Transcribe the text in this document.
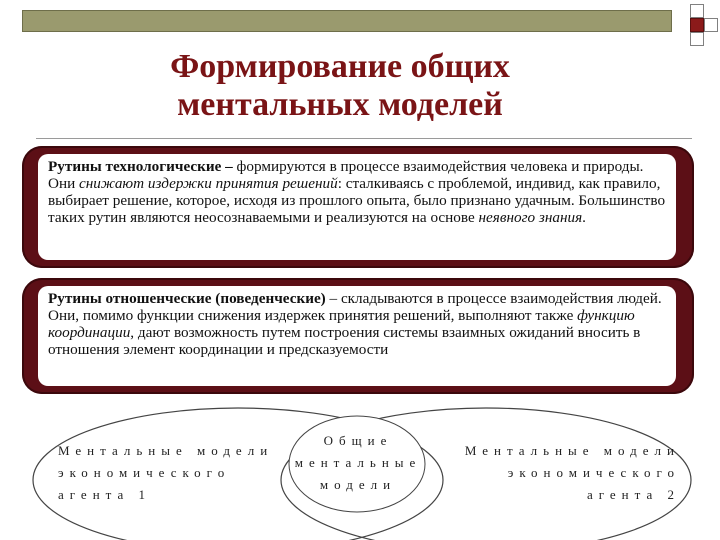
Формирование общих
ментальных моделей
Рутины технологические – формируются в процессе взаимодействия человека и природы. Они снижают издержки принятия решений: сталкиваясь с проблемой, индивид, как правило, выбирает решение, которое, исходя из прошлого опыта, было признано удачным. Большинство таких рутин являются неосознаваемыми и реализуются на основе неявного знания.
Рутины отношенческие (поведенческие) – складываются в процессе взаимодействия людей. Они, помимо функции снижения издержек принятия решений, выполняют также функцию координации, дают возможность путем построения системы взаимных ожиданий вносить в отношения элемент координации и предсказуемости
Ментальные модели
экономического агента 1
Общие
ментальные
модели
Ментальные модели
экономического агента 2
